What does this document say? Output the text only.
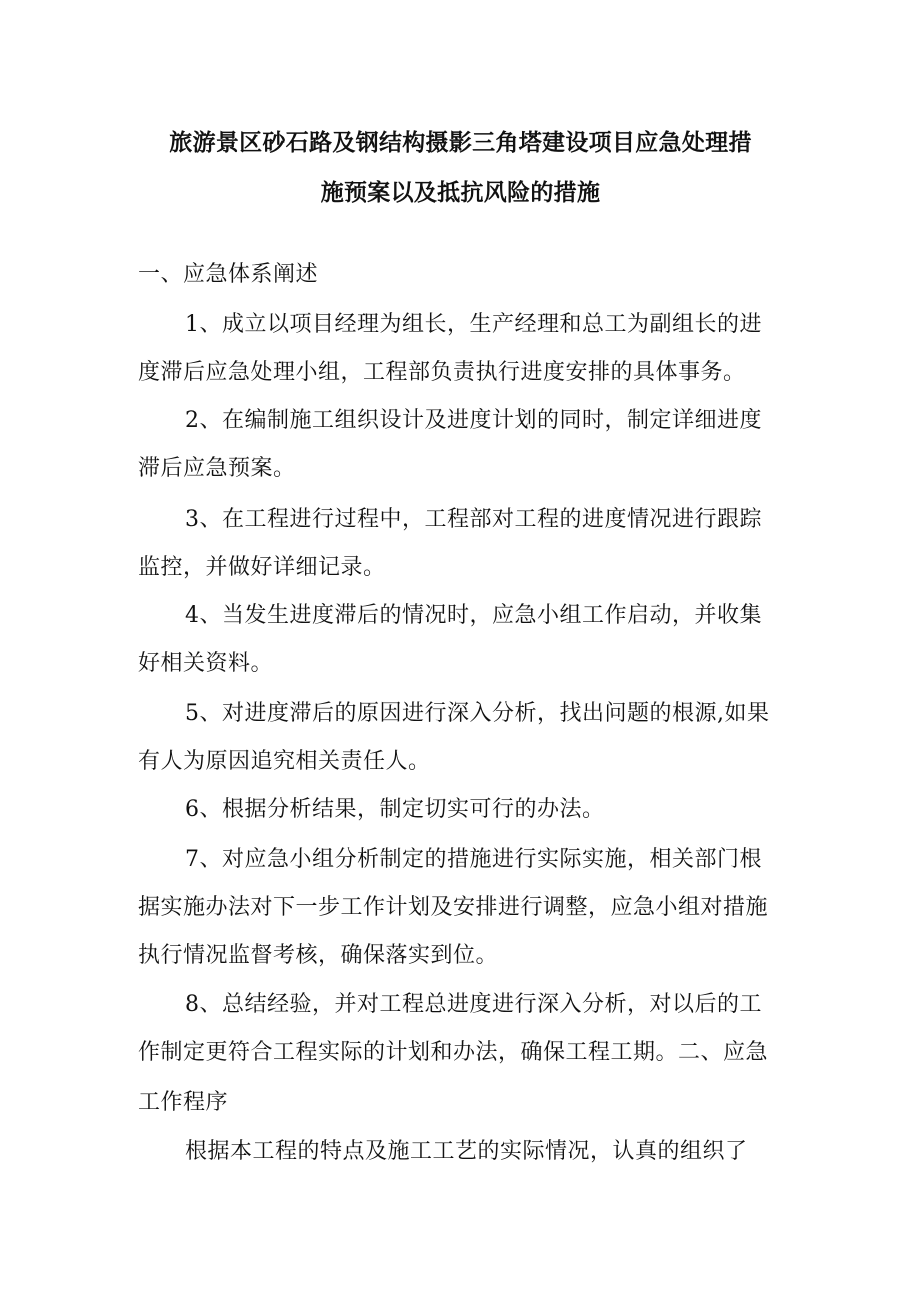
旅游景区砂石路及钢结构摄影三角塔建设项目应急处理措
施预案以及抵抗风险的措施
一、应急体系阐述
1、成立以项目经理为组长，生产经理和总工为副组长的进
度滞后应急处理小组，工程部负责执行进度安排的具体事务。
2、在编制施工组织设计及进度计划的同时，制定详细进度
滞后应急预案。
3、在工程进行过程中，工程部对工程的进度情况进行跟踪
监控，并做好详细记录。
4、当发生进度滞后的情况时，应急小组工作启动，并收集
好相关资料。
5、对进度滞后的原因进行深入分析，找出问题的根源,如果
有人为原因追究相关责任人。
6、根据分析结果，制定切实可行的办法。
7、对应急小组分析制定的措施进行实际实施，相关部门根
据实施办法对下一步工作计划及安排进行调整，应急小组对措施
执行情况监督考核，确保落实到位。
8、总结经验，并对工程总进度进行深入分析，对以后的工
作制定更符合工程实际的计划和办法，确保工程工期。二、应急
工作程序
根据本工程的特点及施工工艺的实际情况，认真的组织了
